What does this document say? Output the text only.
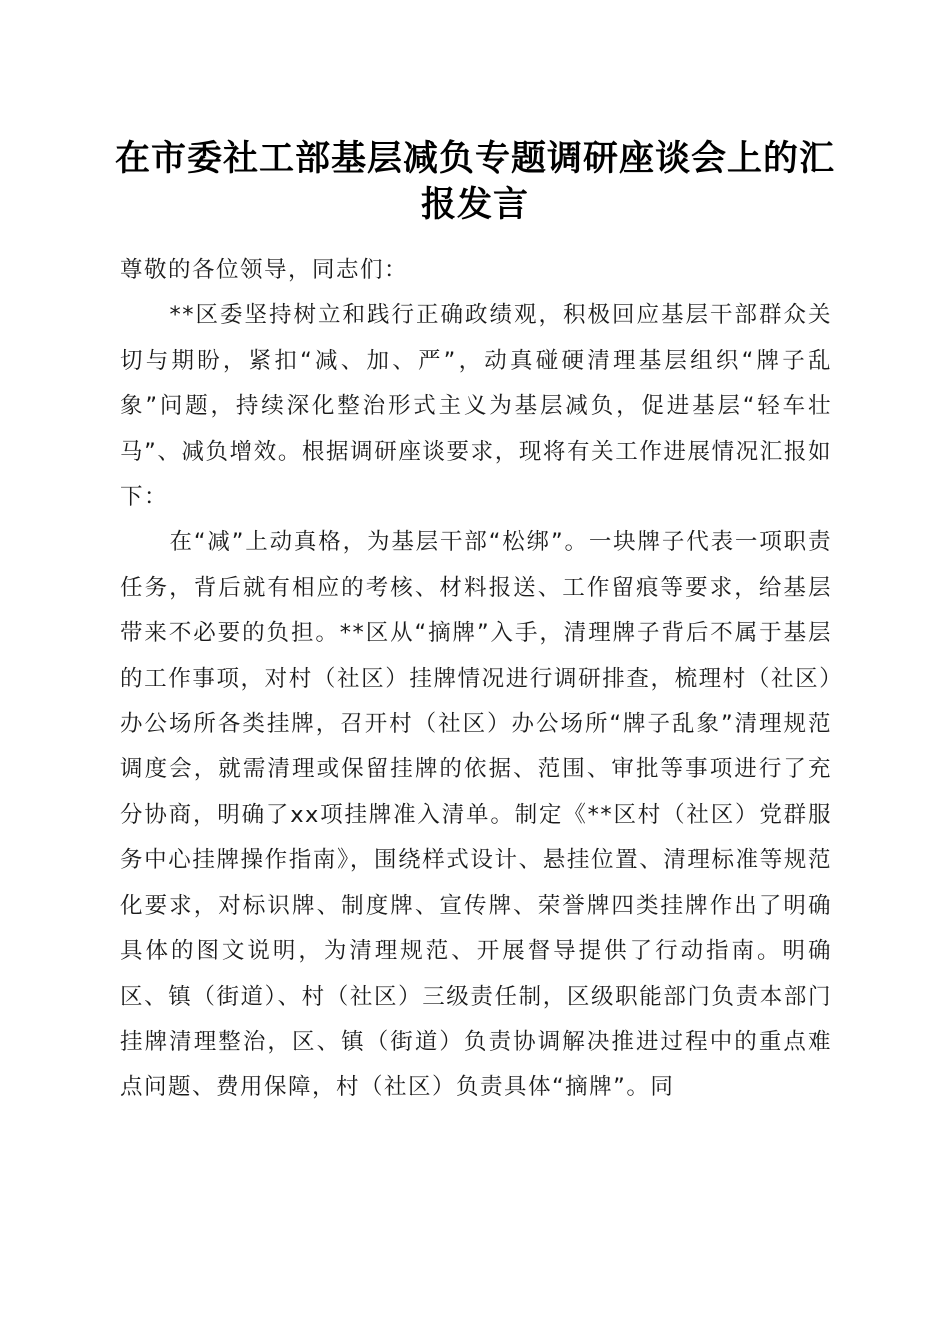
在市委社工部基层减负专题调研座谈会上的汇报发言

尊敬的各位领导，同志们：

**区委坚持树立和践行正确政绩观，积极回应基层干部群众关切与期盼，紧扣“减、加、严”，动真碰硬清理基层组织“牌子乱象”问题，持续深化整治形式主义为基层减负，促进基层“轻车壮马”、减负增效。根据调研座谈要求，现将有关工作进展情况汇报如下：

在“减”上动真格，为基层干部“松绑”。一块牌子代表一项职责任务，背后就有相应的考核、材料报送、工作留痕等要求，给基层带来不必要的负担。**区从“摘牌”入手，清理牌子背后不属于基层的工作事项，对村（社区）挂牌情况进行调研排查，梳理村（社区）办公场所各类挂牌，召开村（社区）办公场所“牌子乱象”清理规范调度会，就需清理或保留挂牌的依据、范围、审批等事项进行了充分协商，明确了xx项挂牌准入清单。制定《**区村（社区）党群服务中心挂牌操作指南》，围绕样式设计、悬挂位置、清理标准等规范化要求，对标识牌、制度牌、宣传牌、荣誉牌四类挂牌作出了明确具体的图文说明，为清理规范、开展督导提供了行动指南。明确区、镇（街道）、村（社区）三级责任制，区级职能部门负责本部门挂牌清理整治，区、镇（街道）负责协调解决推进过程中的重点难点问题、费用保障，村（社区）负责具体“摘牌”。同
